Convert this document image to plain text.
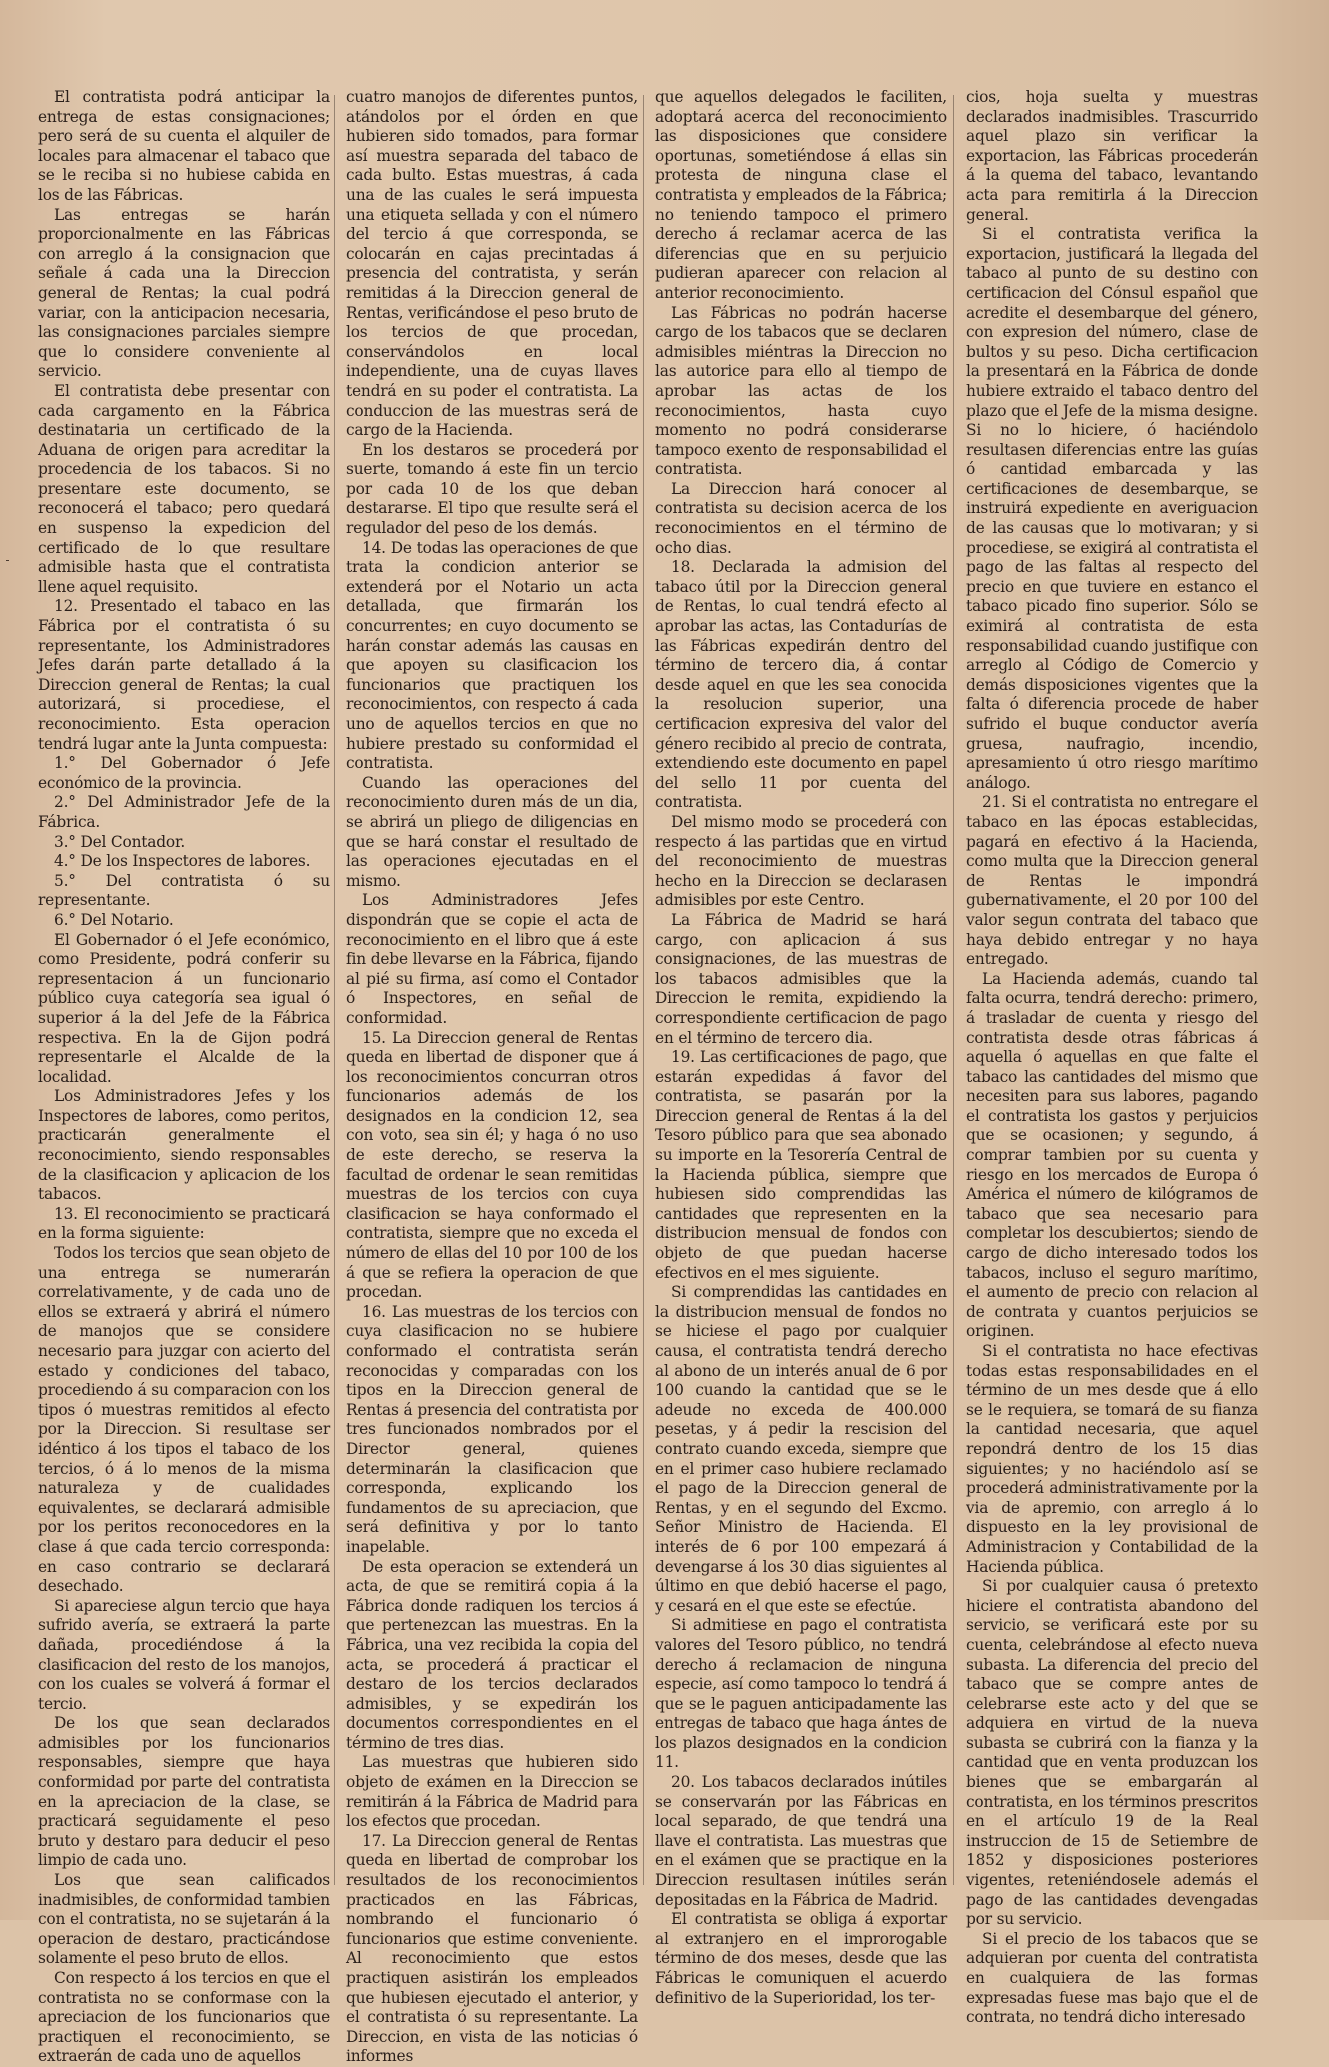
El contratista podrá anticipar la entrega de estas consignaciones; pero será de su cuenta el alquiler de locales para almacenar el tabaco que se le reciba si no hubiese cabida en los de las Fábricas.

Las entregas se harán proporcionalmente en las Fábricas con arreglo á la consignacion que señale á cada una la Direccion general de Rentas; la cual podrá variar, con la anticipacion necesaria, las consignaciones parciales siempre que lo considere conveniente al servicio.

El contratista debe presentar con cada cargamento en la Fábrica destinataria un certificado de la Aduana de origen para acreditar la procedencia de los tabacos. Si no presentare este documento, se reconocerá el tabaco; pero quedará en suspenso la expedicion del certificado de lo que resultare admisible hasta que el contratista llene aquel requisito.

12. Presentado el tabaco en las Fábrica por el contratista ó su representante, los Administradores Jefes darán parte detallado á la Direccion general de Rentas; la cual autorizará, si procediese, el reconocimiento. Esta operacion tendrá lugar ante la Junta compuesta:

1.° Del Gobernador ó Jefe económico de la provincia.

2.° Del Administrador Jefe de la Fábrica.

3.° Del Contador.

4.° De los Inspectores de labores.

5.° Del contratista ó su representante.

6.° Del Notario.

El Gobernador ó el Jefe económico, como Presidente, podrá conferir su representacion á un funcionario público cuya categoría sea igual ó superior á la del Jefe de la Fábrica respectiva. En la de Gijon podrá representarle el Alcalde de la localidad.

Los Administradores Jefes y los Inspectores de labores, como peritos, practicarán generalmente el reconocimiento, siendo responsables de la clasificacion y aplicacion de los tabacos.

13. El reconocimiento se practicará en la forma siguiente:

Todos los tercios que sean objeto de una entrega se numerarán correlativamente, y de cada uno de ellos se extraerá y abrirá el número de manojos que se considere necesario para juzgar con acierto del estado y condiciones del tabaco, procediendo á su comparacion con los tipos ó muestras remitidos al efecto por la Direccion. Si resultase ser idéntico á los tipos el tabaco de los tercios, ó á lo menos de la misma naturaleza y de cualidades equivalentes, se declarará admisible por los peritos reconocedores en la clase á que cada tercio corresponda: en caso contrario se declarará desechado.

Si apareciese algun tercio que haya sufrido avería, se extraerá la parte dañada, procediéndose á la clasificacion del resto de los manojos, con los cuales se volverá á formar el tercio.

De los que sean declarados admisibles por los funcionarios responsables, siempre que haya conformidad por parte del contratista en la apreciacion de la clase, se practicará seguidamente el peso bruto y destaro para deducir el peso limpio de cada uno.

Los que sean calificados inadmisibles, de conformidad tambien con el contratista, no se sujetarán á la operacion de destaro, practicándose solamente el peso bruto de ellos.

Con respecto á los tercios en que el contratista no se conformase con la apreciacion de los funcionarios que practiquen el reconocimiento, se extraerán de cada uno de aquellos

cuatro manojos de diferentes puntos, atándolos por el órden en que hubieren sido tomados, para formar así muestra separada del tabaco de cada bulto. Estas muestras, á cada una de las cuales le será impuesta una etiqueta sellada y con el número del tercio á que corresponda, se colocarán en cajas precintadas á presencia del contratista, y serán remitidas á la Direccion general de Rentas, verificándose el peso bruto de los tercios de que procedan, conservándolos en local independiente, una de cuyas llaves tendrá en su poder el contratista. La conduccion de las muestras será de cargo de la Hacienda.

En los destaros se procederá por suerte, tomando á este fin un tercio por cada 10 de los que deban destararse. El tipo que resulte será el regulador del peso de los demás.

14. De todas las operaciones de que trata la condicion anterior se extenderá por el Notario un acta detallada, que firmarán los concurrentes; en cuyo documento se harán constar además las causas en que apoyen su clasificacion los funcionarios que practiquen los reconocimientos, con respecto á cada uno de aquellos tercios en que no hubiere prestado su conformidad el contratista.

Cuando las operaciones del reconocimiento duren más de un dia, se abrirá un pliego de diligencias en que se hará constar el resultado de las operaciones ejecutadas en el mismo.

Los Administradores Jefes dispondrán que se copie el acta de reconocimiento en el libro que á este fin debe llevarse en la Fábrica, fijando al pié su firma, así como el Contador ó Inspectores, en señal de conformidad.

15. La Direccion general de Rentas queda en libertad de disponer que á los reconocimientos concurran otros funcionarios además de los designados en la condicion 12, sea con voto, sea sin él; y haga ó no uso de este derecho, se reserva la facultad de ordenar le sean remitidas muestras de los tercios con cuya clasificacion se haya conformado el contratista, siempre que no exceda el número de ellas del 10 por 100 de los á que se refiera la operacion de que procedan.

16. Las muestras de los tercios con cuya clasificacion no se hubiere conformado el contratista serán reconocidas y comparadas con los tipos en la Direccion general de Rentas á presencia del contratista por tres funcionados nombrados por el Director general, quienes determinarán la clasificacion que corresponda, explicando los fundamentos de su apreciacion, que será definitiva y por lo tanto inapelable.

De esta operacion se extenderá un acta, de que se remitirá copia á la Fábrica donde radiquen los tercios á que pertenezcan las muestras. En la Fábrica, una vez recibida la copia del acta, se procederá á practicar el destaro de los tercios declarados admisibles, y se expedirán los documentos correspondientes en el término de tres dias.

Las muestras que hubieren sido objeto de exámen en la Direccion se remitirán á la Fábrica de Madrid para los efectos que procedan.

17. La Direccion general de Rentas queda en libertad de comprobar los resultados de los reconocimientos practicados en las Fábricas, nombrando el funcionario ó funcionarios que estime conveniente. Al reconocimiento que estos practiquen asistirán los empleados que hubiesen ejecutado el anterior, y el contratista ó su representante. La Direccion, en vista de las noticias ó informes

que aquellos delegados le faciliten, adoptará acerca del reconocimiento las disposiciones que considere oportunas, sometiéndose á ellas sin protesta de ninguna clase el contratista y empleados de la Fábrica; no teniendo tampoco el primero derecho á reclamar acerca de las diferencias que en su perjuicio pudieran aparecer con relacion al anterior reconocimiento.

Las Fábricas no podrán hacerse cargo de los tabacos que se declaren admisibles miéntras la Direccion no las autorice para ello al tiempo de aprobar las actas de los reconocimientos, hasta cuyo momento no podrá considerarse tampoco exento de responsabilidad el contratista.

La Direccion hará conocer al contratista su decision acerca de los reconocimientos en el término de ocho dias.

18. Declarada la admision del tabaco útil por la Direccion general de Rentas, lo cual tendrá efecto al aprobar las actas, las Contadurías de las Fábricas expedirán dentro del término de tercero dia, á contar desde aquel en que les sea conocida la resolucion superior, una certificacion expresiva del valor del género recibido al precio de contrata, extendiendo este documento en papel del sello 11 por cuenta del contratista.

Del mismo modo se procederá con respecto á las partidas que en virtud del reconocimiento de muestras hecho en la Direccion se declarasen admisibles por este Centro.

La Fábrica de Madrid se hará cargo, con aplicacion á sus consignaciones, de las muestras de los tabacos admisibles que la Direccion le remita, expidiendo la correspondiente certificacion de pago en el término de tercero dia.

19. Las certificaciones de pago, que estarán expedidas á favor del contratista, se pasarán por la Direccion general de Rentas á la del Tesoro público para que sea abonado su importe en la Tesorería Central de la Hacienda pública, siempre que hubiesen sido comprendidas las cantidades que representen en la distribucion mensual de fondos con objeto de que puedan hacerse efectivos en el mes siguiente.

Si comprendidas las cantidades en la distribucion mensual de fondos no se hiciese el pago por cualquier causa, el contratista tendrá derecho al abono de un interés anual de 6 por 100 cuando la cantidad que se le adeude no exceda de 400.000 pesetas, y á pedir la rescision del contrato cuando exceda, siempre que en el primer caso hubiere reclamado el pago de la Direccion general de Rentas, y en el segundo del Excmo. Señor Ministro de Hacienda. El interés de 6 por 100 empezará á devengarse á los 30 dias siguientes al último en que debió hacerse el pago, y cesará en el que este se efectúe.

Si admitiese en pago el contratista valores del Tesoro público, no tendrá derecho á reclamacion de ninguna especie, así como tampoco lo tendrá á que se le paguen anticipadamente las entregas de tabaco que haga ántes de los plazos designados en la condicion 11.

20. Los tabacos declarados inútiles se conservarán por las Fábricas en local separado, de que tendrá una llave el contratista. Las muestras que en el exámen que se practique en la Direccion resultasen inútiles serán depositadas en la Fábrica de Madrid.

El contratista se obliga á exportar al extranjero en el improrogable término de dos meses, desde que las Fábricas le comuniquen el acuerdo definitivo de la Superioridad, los ter-

cios, hoja suelta y muestras declarados inadmisibles. Trascurrido aquel plazo sin verificar la exportacion, las Fábricas procederán á la quema del tabaco, levantando acta para remitirla á la Direccion general.

Si el contratista verifica la exportacion, justificará la llegada del tabaco al punto de su destino con certificacion del Cónsul español que acredite el desembarque del género, con expresion del número, clase de bultos y su peso. Dicha certificacion la presentará en la Fábrica de donde hubiere extraido el tabaco dentro del plazo que el Jefe de la misma designe. Si no lo hiciere, ó haciéndolo resultasen diferencias entre las guías ó cantidad embarcada y las certificaciones de desembarque, se instruirá expediente en averiguacion de las causas que lo motivaran; y si procediese, se exigirá al contratista el pago de las faltas al respecto del precio en que tuviere en estanco el tabaco picado fino superior. Sólo se eximirá al contratista de esta responsabilidad cuando justifique con arreglo al Código de Comercio y demás disposiciones vigentes que la falta ó diferencia procede de haber sufrido el buque conductor avería gruesa, naufragio, incendio, apresamiento ú otro riesgo marítimo análogo.

21. Si el contratista no entregare el tabaco en las épocas establecidas, pagará en efectivo á la Hacienda, como multa que la Direccion general de Rentas le impondrá gubernativamente, el 20 por 100 del valor segun contrata del tabaco que haya debido entregar y no haya entregado.

La Hacienda además, cuando tal falta ocurra, tendrá derecho: primero, á trasladar de cuenta y riesgo del contratista desde otras fábricas á aquella ó aquellas en que falte el tabaco las cantidades del mismo que necesiten para sus labores, pagando el contratista los gastos y perjuicios que se ocasionen; y segundo, á comprar tambien por su cuenta y riesgo en los mercados de Europa ó América el número de kilógramos de tabaco que sea necesario para completar los descubiertos; siendo de cargo de dicho interesado todos los tabacos, incluso el seguro marítimo, el aumento de precio con relacion al de contrata y cuantos perjuicios se originen.

Si el contratista no hace efectivas todas estas responsabilidades en el término de un mes desde que á ello se le requiera, se tomará de su fianza la cantidad necesaria, que aquel repondrá dentro de los 15 dias siguientes; y no haciéndolo así se procederá administrativamente por la via de apremio, con arreglo á lo dispuesto en la ley provisional de Administracion y Contabilidad de la Hacienda pública.

Si por cualquier causa ó pretexto hiciere el contratista abandono del servicio, se verificará este por su cuenta, celebrándose al efecto nueva subasta. La diferencia del precio del tabaco que se compre antes de celebrarse este acto y del que se adquiera en virtud de la nueva subasta se cubrirá con la fianza y la cantidad que en venta produzcan los bienes que se embargarán al contratista, en los términos prescritos en el artículo 19 de la Real instruccion de 15 de Setiembre de 1852 y disposiciones posteriores vigentes, reteniéndosele además el pago de las cantidades devengadas por su servicio.

Si el precio de los tabacos que se adquieran por cuenta del contratista en cualquiera de las formas expresadas fuese mas bajo que el de contrata, no tendrá dicho interesado
